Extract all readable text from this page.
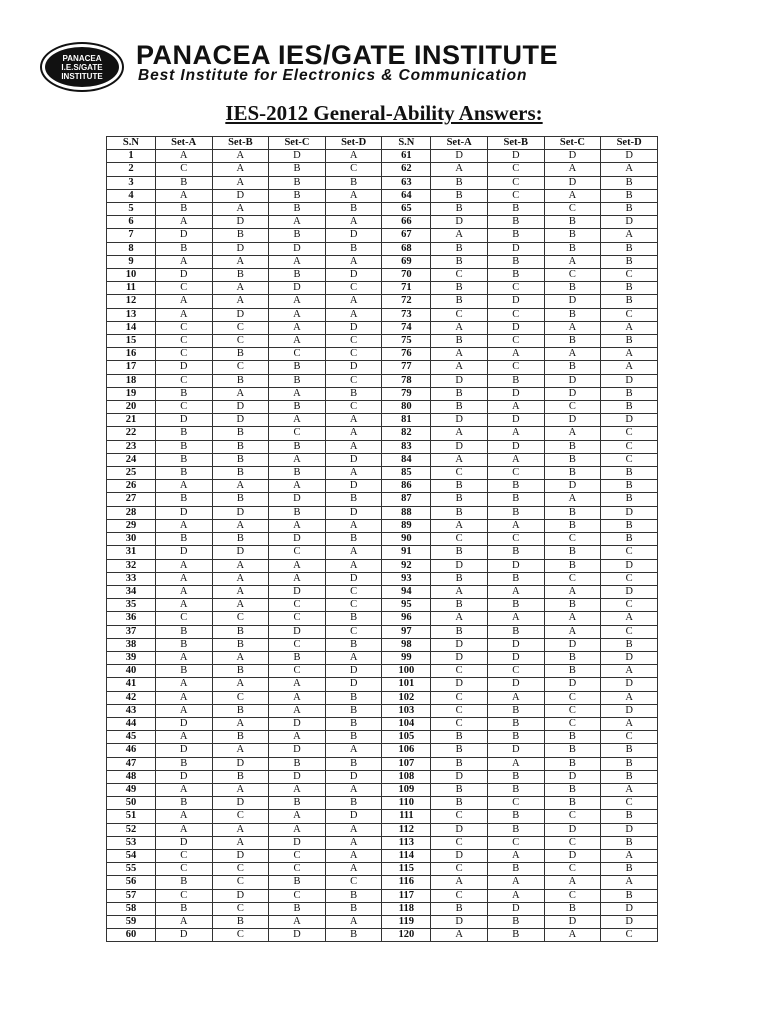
PANACEA
I.E.S/GATE
INSTITUTE
PANACEA IES/GATE INSTITUTE
Best Institute for Electronics & Communication
IES-2012 General-Ability Answers:
S.N	Set-A	Set-B	Set-C	Set-D	S.N	Set-A	Set-B	Set-C	Set-D
1	A	A	D	A	61	D	D	D	D
2	C	A	B	C	62	A	C	A	A
3	B	A	B	B	63	B	C	D	B
4	A	D	B	A	64	B	C	A	B
5	B	A	B	B	65	B	B	C	B
6	A	D	A	A	66	D	B	B	D
7	D	B	B	D	67	A	B	B	A
8	B	D	D	B	68	B	D	B	B
9	A	A	A	A	69	B	B	A	B
10	D	B	B	D	70	C	B	C	C
11	C	A	D	C	71	B	C	B	B
12	A	A	A	A	72	B	D	D	B
13	A	D	A	A	73	C	C	B	C
14	C	C	A	D	74	A	D	A	A
15	C	C	A	C	75	B	C	B	B
16	C	B	C	C	76	A	A	A	A
17	D	C	B	D	77	A	C	B	A
18	C	B	B	C	78	D	B	D	D
19	B	A	A	B	79	B	D	D	B
20	C	D	B	C	80	B	A	C	B
21	D	D	A	A	81	D	D	D	D
22	B	B	C	A	82	A	A	A	C
23	B	B	B	A	83	D	D	B	C
24	B	B	A	D	84	A	A	B	C
25	B	B	B	A	85	C	C	B	B
26	A	A	A	D	86	B	B	D	B
27	B	B	D	B	87	B	B	A	B
28	D	D	B	D	88	B	B	B	D
29	A	A	A	A	89	A	A	B	B
30	B	B	D	B	90	C	C	C	B
31	D	D	C	A	91	B	B	B	C
32	A	A	A	A	92	D	D	B	D
33	A	A	A	D	93	B	B	C	C
34	A	A	D	C	94	A	A	A	D
35	A	A	C	C	95	B	B	B	C
36	C	C	C	B	96	A	A	A	A
37	B	B	D	C	97	B	B	A	C
38	B	B	C	B	98	D	D	D	B
39	A	A	B	A	99	D	D	B	D
40	B	B	C	D	100	C	C	B	A
41	A	A	A	D	101	D	D	D	D
42	A	C	A	B	102	C	A	C	A
43	A	B	A	B	103	C	B	C	D
44	D	A	D	B	104	C	B	C	A
45	A	B	A	B	105	B	B	B	C
46	D	A	D	A	106	B	D	B	B
47	B	D	B	B	107	B	A	B	B
48	D	B	D	D	108	D	B	D	B
49	A	A	A	A	109	B	B	B	A
50	B	D	B	B	110	B	C	B	C
51	A	C	A	D	111	C	B	C	B
52	A	A	A	A	112	D	B	D	D
53	D	A	D	A	113	C	C	C	B
54	C	D	C	A	114	D	A	D	A
55	C	C	C	A	115	C	B	C	B
56	B	C	B	C	116	A	A	A	A
57	C	D	C	B	117	C	A	C	B
58	B	C	B	B	118	B	D	B	D
59	A	B	A	A	119	D	B	D	D
60	D	C	D	B	120	A	B	A	C
